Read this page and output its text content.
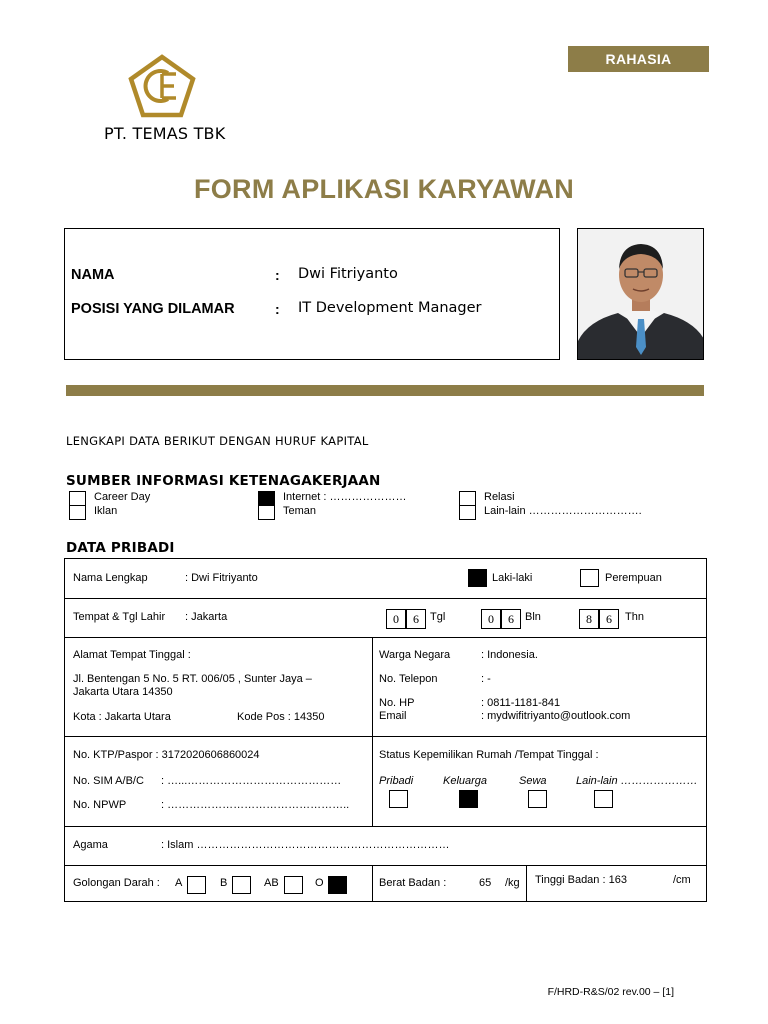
RAHASIA
PT. TEMAS TBK
FORM APLIKASI KARYAWAN
NAMA	: Dwi Fitriyanto
POSISI YANG DILAMAR	: IT Development Manager
LENGKAPI DATA BERIKUT DENGAN HURUF KAPITAL
SUMBER INFORMASI KETENAGAKERJAAN
Career Day
Iklan
Internet : …………………
Teman
Relasi
Lain-lain ………………………….
DATA PRIBADI
Nama Lengkap	: Dwi Fitriyanto	Laki-laki	Perempuan
Tempat & Tgl Lahir : Jakarta	0	6	Tgl	0	6	Bln	8	6	Thn
Alamat Tempat Tinggal :
Jl. Bentengan 5 No. 5 RT. 006/05 , Sunter Jaya –
Jakarta Utara 14350
Kota : Jakarta Utara	Kode Pos : 14350
Warga Negara	: Indonesia.
No. Telepon	: -
No. HP	: 0811-1181-841
Email	: mydwifitriyanto@outlook.com
No. KTP/Paspor : 3172020606860024
No. SIM A/B/C : …...……………………………………
No. NPWP	: …………………………………………..
Status Kepemilikan Rumah /Tempat Tinggal :
Pribadi	Keluarga	Sewa	Lain-lain …………………
Agama	: Islam ……………………………………………………………
Golongan Darah : A	B	AB	O	Berat Badan :	65 /kg Tinggi Badan : 163	/cm
F/HRD-R&S/02 rev.00 – [1]
